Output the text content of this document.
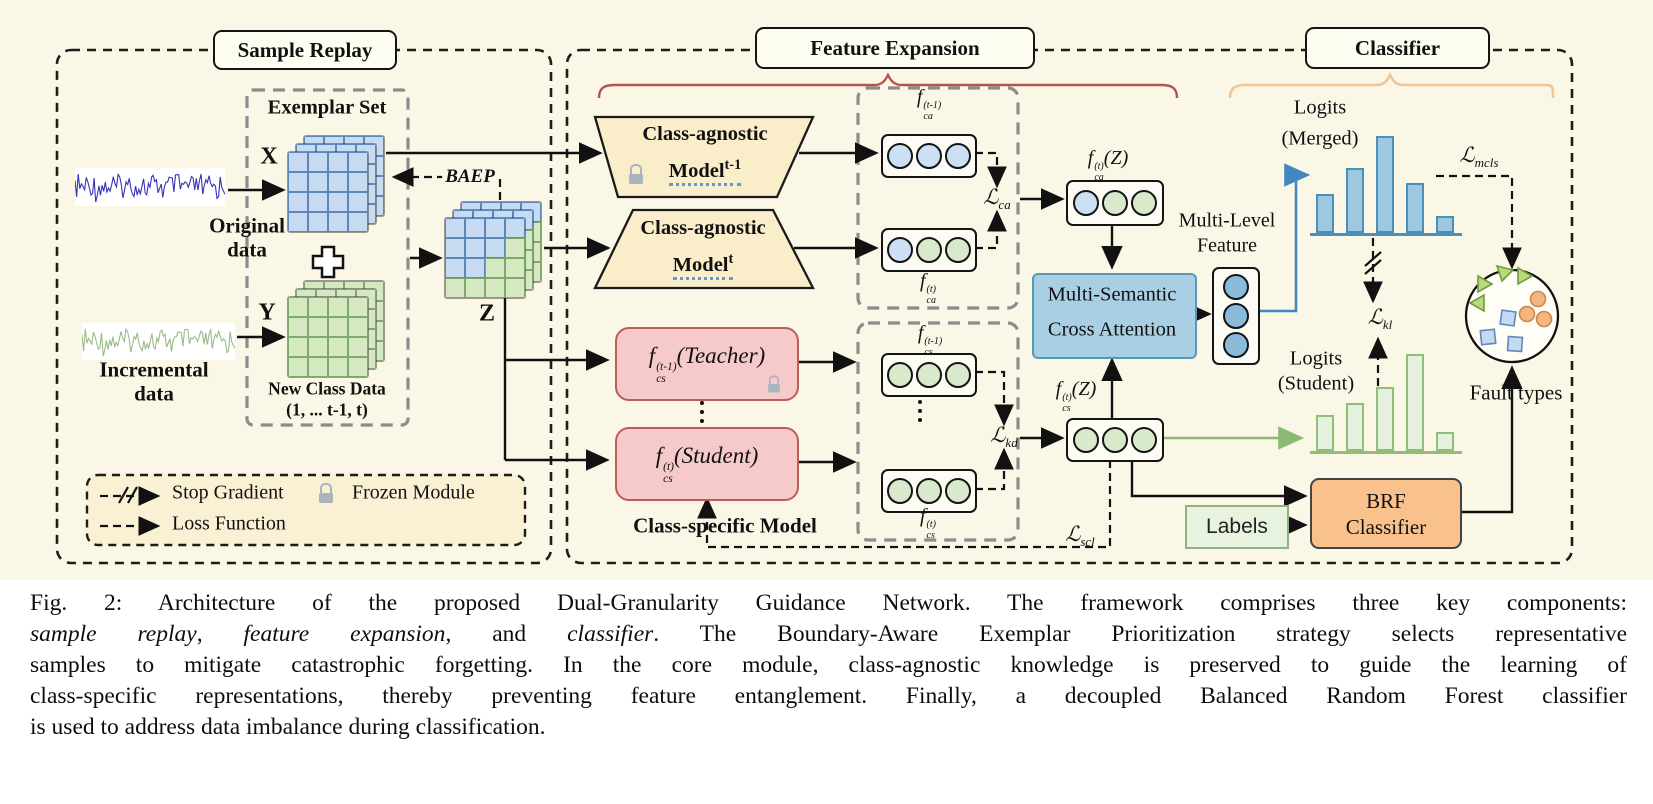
Sample Replay	Feature Expansion	Classifier
Original
data
Incremental
data
Exemplar Set
X
Y	Z
New Class Data
(1, ... t-1, t)
BAEP
Stop Gradient	Frozen Module
Loss Function
Class-agnostic
Model$^{t-1}$
Class-agnostic
Model$^t$
f (t-1)
cs
(Teacher)
f (t)
cs
(Student)
Class-specific Model
f (t-1)
ca
ℒ$_{ca}$
f (t)
ca
f (t-1)
cs
ℒ$_{kd}$
f (t)
cs	ℒ$_{scl}$
f (t)
ca
(Z)
Multi-Semantic
Cross Attention
f (t)
cs
(Z)
Multi-Level
Feature
Logits
(Merged)
ℒ$_{mcls}$
ℒ$_{kl}$
Logits
(Student)	Fault types
Labels
BRF
Classifier
Fig. 2: Architecture of the proposed Dual-Granularity Guidance Network. The framework comprises three key components:
sample replay, feature expansion, and classifier. The Boundary-Aware Exemplar Prioritization strategy selects representative
samples to mitigate catastrophic forgetting. In the core module, class-agnostic knowledge is preserved to guide the learning of
class-specific representations, thereby preventing feature entanglement. Finally, a decoupled Balanced Random Forest classifier
is used to address data imbalance during classification.
